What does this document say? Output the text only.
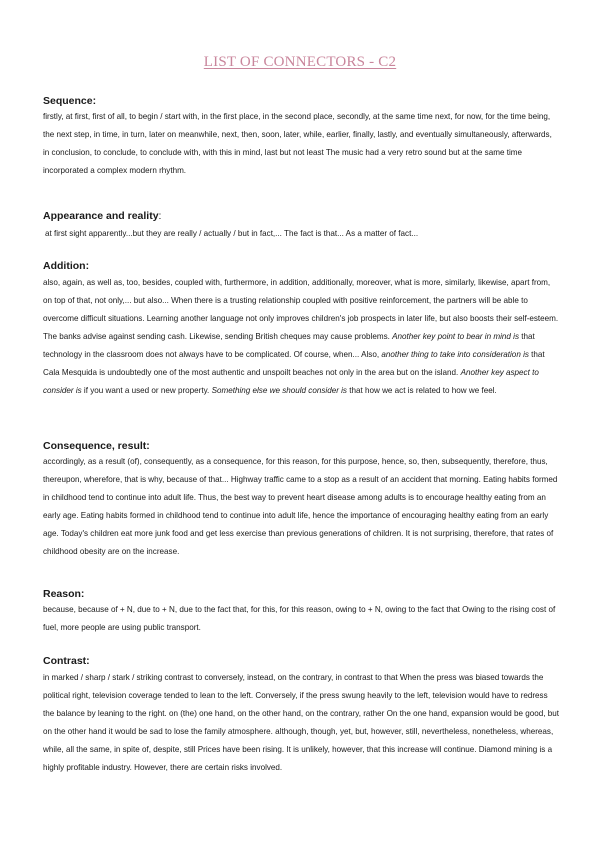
LIST OF CONNECTORS - C2
Sequence:

firstly, at first, first of all, to begin / start with, in the first place, in the second place, secondly, at the same time next, for now, for the time being, the next step, in time, in turn, later on meanwhile, next, then, soon, later, while, earlier, finally, lastly, and eventually simultaneously, afterwards, in conclusion, to conclude, to conclude with, with this in mind, last but not least The music had a very retro sound but at the same time incorporated a complex modern rhythm.

Appearance and reality:

at first sight apparently...but they are really / actually / but in fact,... The fact is that... As a matter of fact...

Addition:

also, again, as well as, too, besides, coupled with, furthermore, in addition, additionally, moreover, what is more, similarly, likewise, apart from, on top of that, not only,... but also... When there is a trusting relationship coupled with positive reinforcement, the partners will be able to overcome difficult situations. Learning another language not only improves children's job prospects in later life, but also boosts their self-esteem. The banks advise against sending cash. Likewise, sending British cheques may cause problems. Another key point to bear in mind is that technology in the classroom does not always have to be complicated. Of course, when... Also, another thing to take into consideration is that Cala Mesquida is undoubtedly one of the most authentic and unspoilt beaches not only in the area but on the island. Another key aspect to consider is if you want a used or new property. Something else we should consider is that how we act is related to how we feel.

Consequence, result:

accordingly, as a result (of), consequently, as a consequence, for this reason, for this purpose, hence, so, then, subsequently, therefore, thus, thereupon, wherefore, that is why, because of that... Highway traffic came to a stop as a result of an accident that morning. Eating habits formed in childhood tend to continue into adult life. Thus, the best way to prevent heart disease among adults is to encourage healthy eating from an early age. Eating habits formed in childhood tend to continue into adult life, hence the importance of encouraging healthy eating from an early age. Today's children eat more junk food and get less exercise than previous generations of children. It is not surprising, therefore, that rates of childhood obesity are on the increase.

Reason:

because, because of + N, due to + N, due to the fact that, for this, for this reason, owing to + N, owing to the fact that Owing to the rising cost of fuel, more people are using public transport.

Contrast:

in marked / sharp / stark / striking contrast to conversely, instead, on the contrary, in contrast to that When the press was biased towards the political right, television coverage tended to lean to the left. Conversely, if the press swung heavily to the left, television would have to redress the balance by leaning to the right. on (the) one hand, on the other hand, on the contrary, rather On the one hand, expansion would be good, but on the other hand it would be sad to lose the family atmosphere. although, though, yet, but, however, still, nevertheless, nonetheless, whereas, while, all the same, in spite of, despite, still Prices have been rising. It is unlikely, however, that this increase will continue. Diamond mining is a highly profitable industry. However, there are certain risks involved.
